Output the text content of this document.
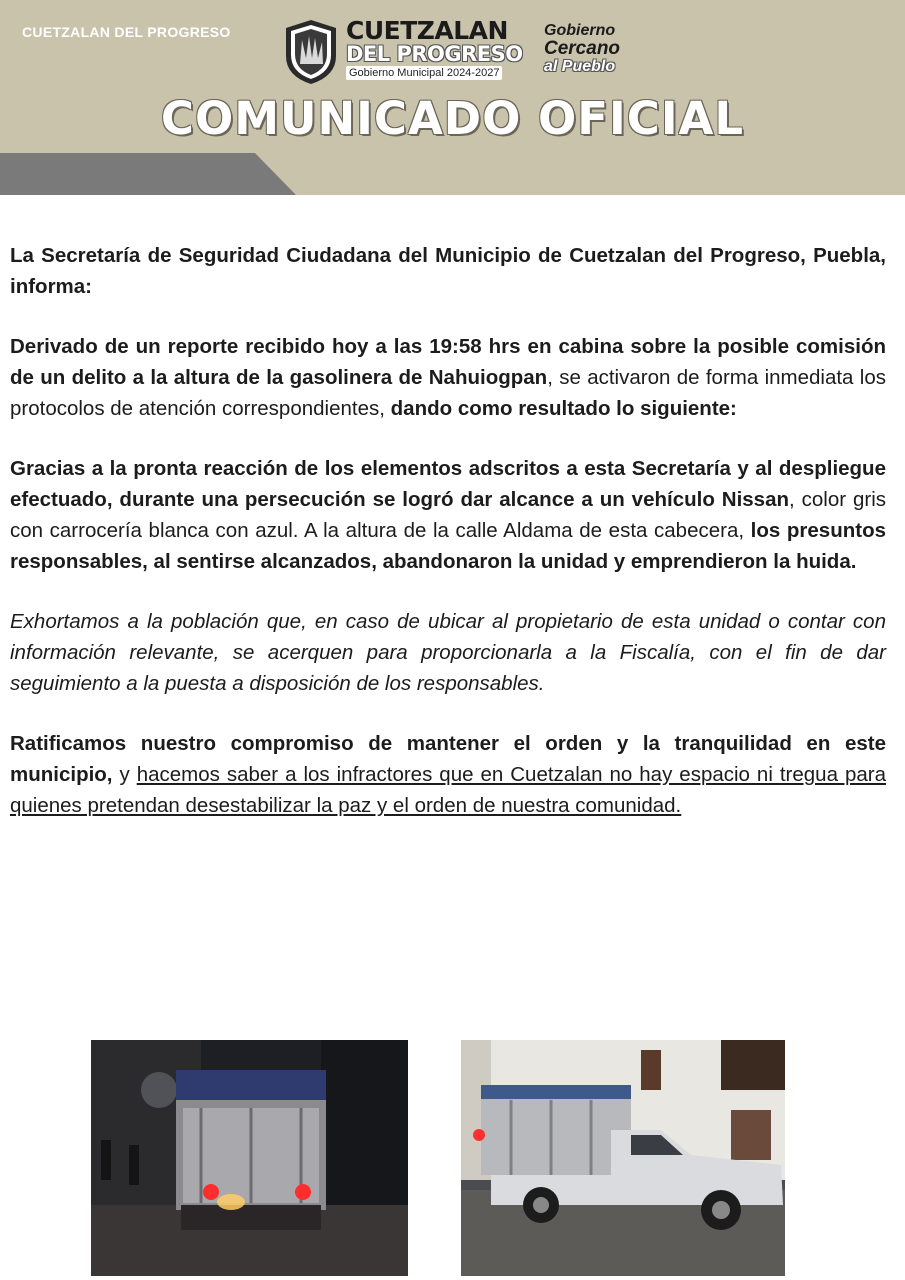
CUETZALAN
DEL PROGRESO
Gobierno Municipal 2024-2027
Gobierno
Cercano
al Pueblo
COMUNICADO OFICIAL
CUETZALAN DEL PROGRESO

La Secretaría de Seguridad Ciudadana del Municipio de Cuetzalan del Progreso, Puebla, informa:

Derivado de un reporte recibido hoy a las 19:58 hrs en cabina sobre la posible comisión de un delito a la altura de la gasolinera de Nahuiogpan, se activaron de forma inmediata los protocolos de atención correspondientes, dando como resultado lo siguiente:

Gracias a la pronta reacción de los elementos adscritos a esta Secretaría y al despliegue efectuado, durante una persecución se logró dar alcance a un vehículo Nissan, color gris con carrocería blanca con azul. A la altura de la calle Aldama de esta cabecera, los presuntos responsables, al sentirse alcanzados, abandonaron la unidad y emprendieron la huida.

Exhortamos a la población que, en caso de ubicar al propietario de esta unidad o contar con información relevante, se acerquen para proporcionarla a la Fiscalía, con el fin de dar seguimiento a la puesta a disposición de los responsables.

Ratificamos nuestro compromiso de mantener el orden y la tranquilidad en este municipio, y hacemos saber a los infractores que en Cuetzalan no hay espacio ni tregua para quienes pretendan desestabilizar la paz y el orden de nuestra comunidad.
